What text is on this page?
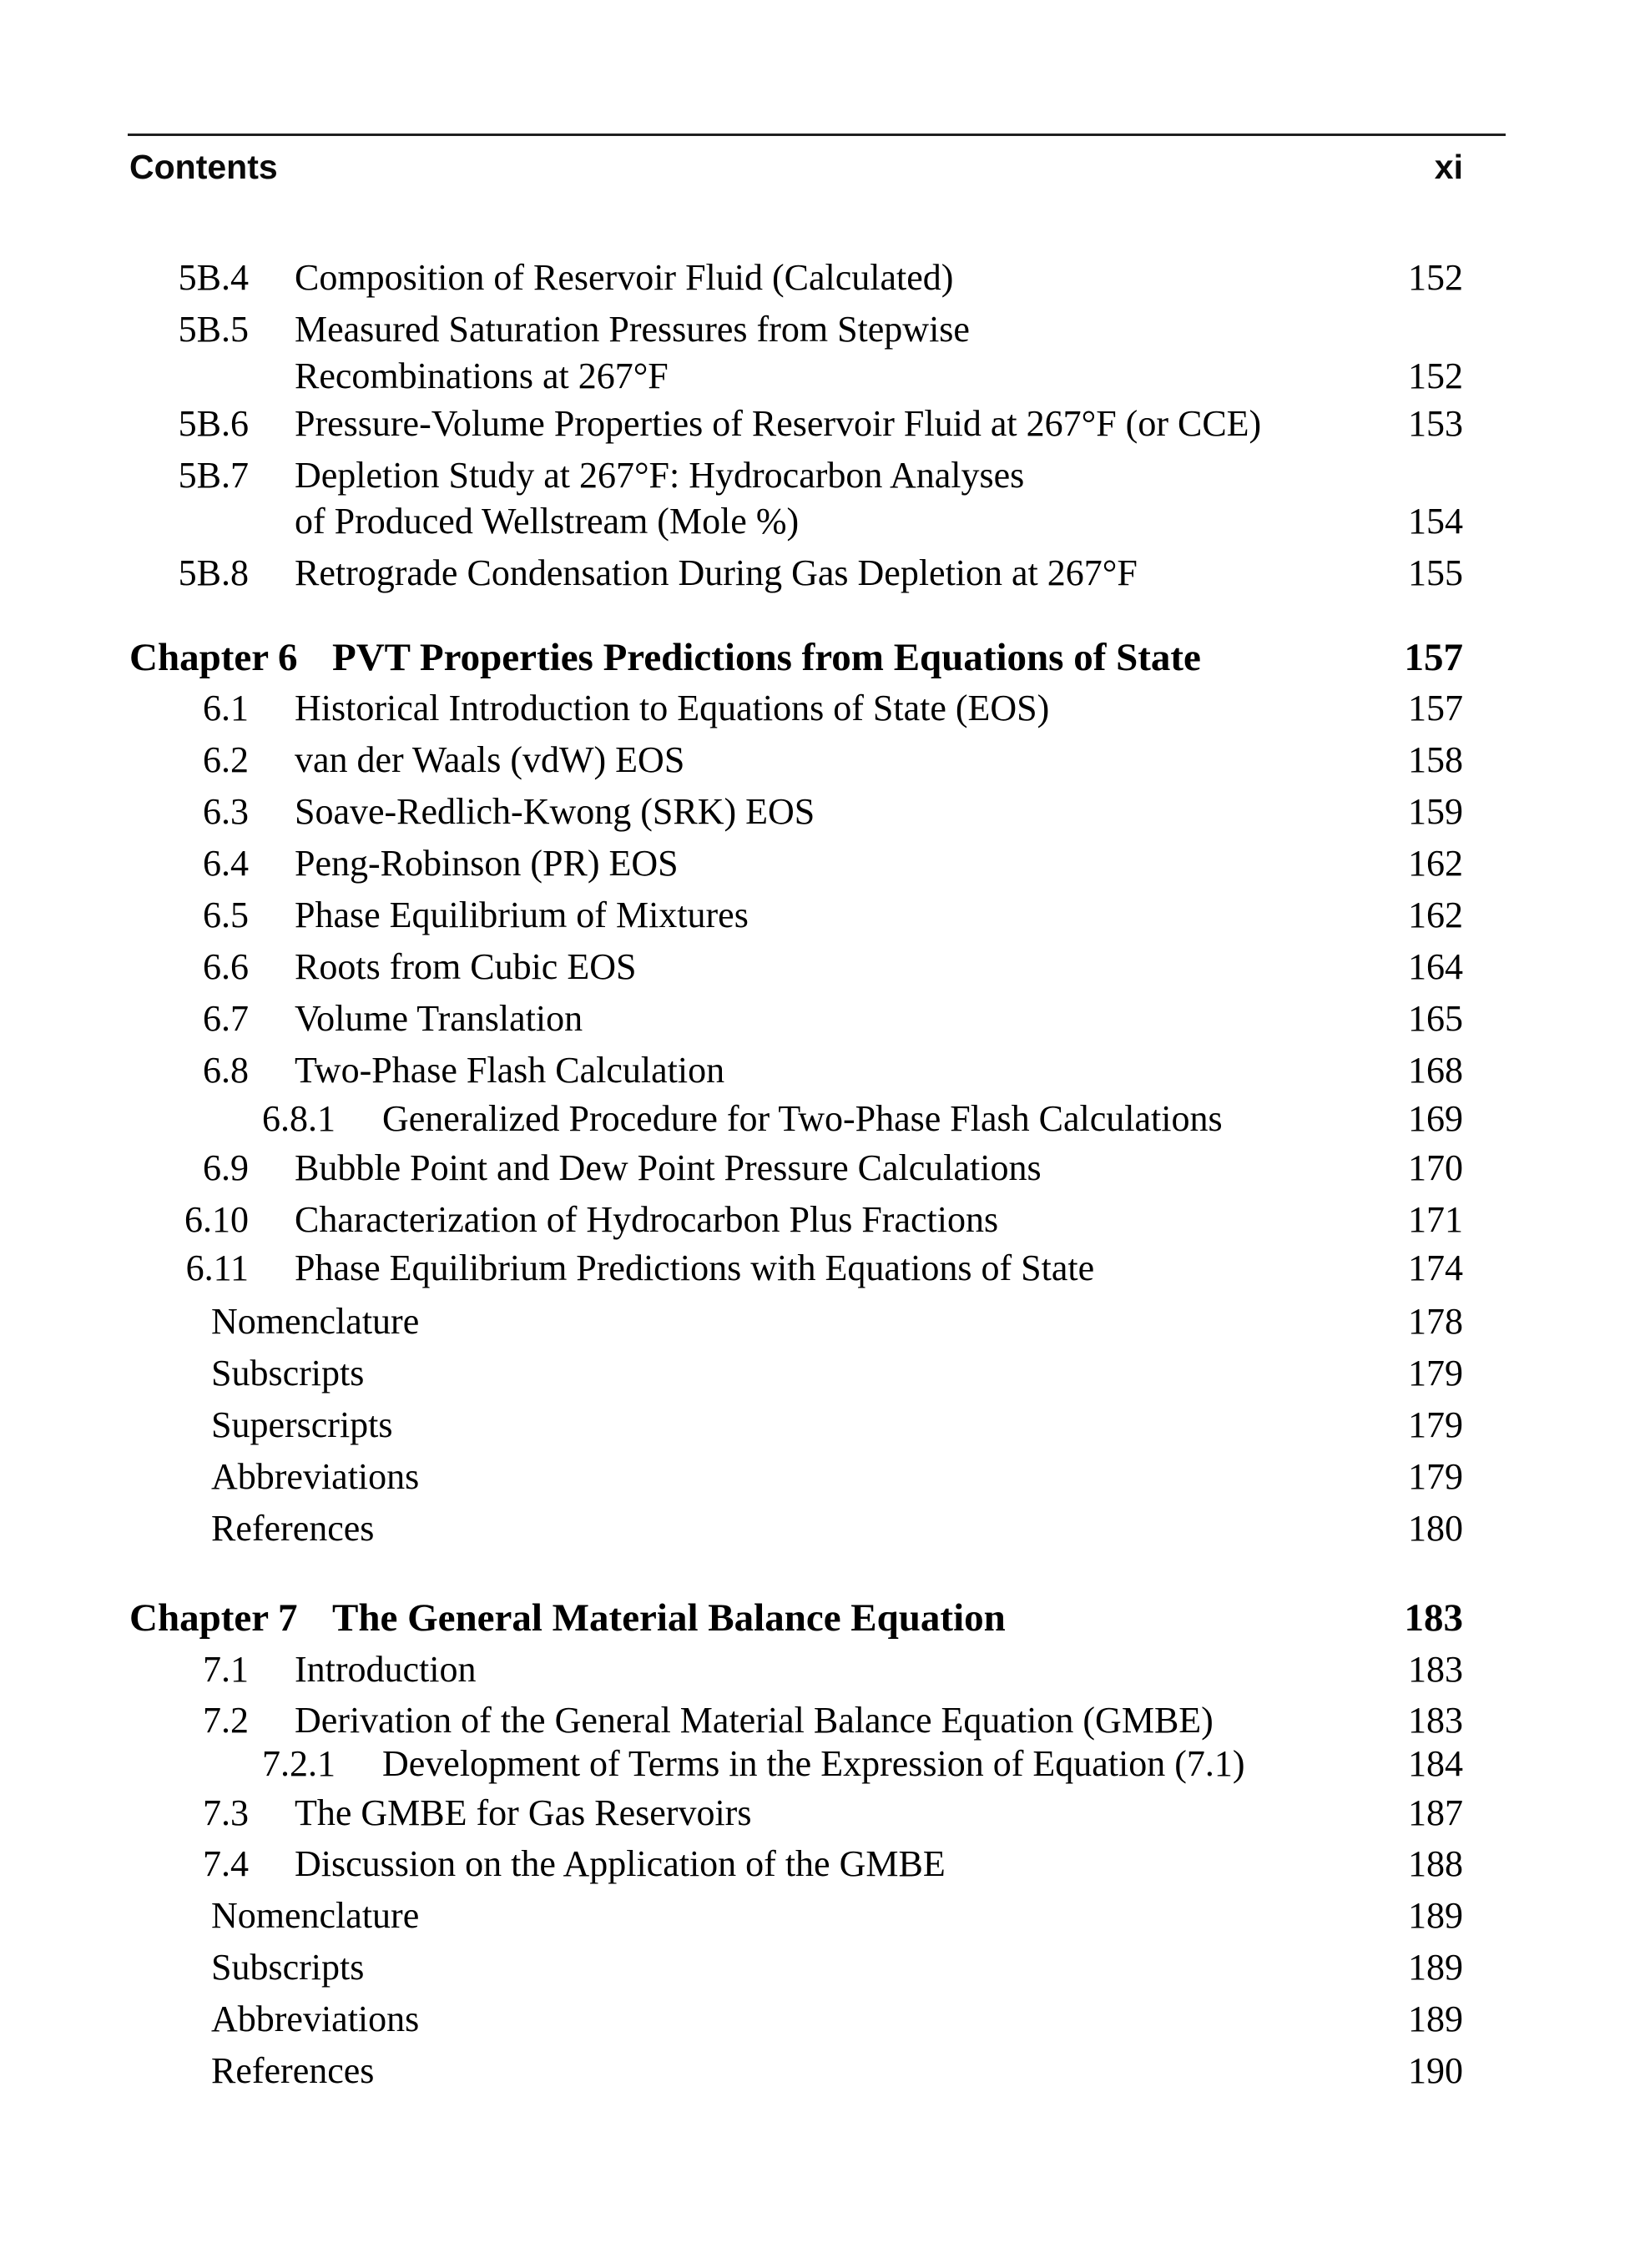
Contents	xi
5B.4 Composition of Reservoir Fluid (Calculated)	152
5B.5 Measured Saturation Pressures from Stepwise
Recombinations at 267°F	152
5B.6 Pressure-Volume Properties of Reservoir Fluid at 267°F (or CCE)	153
5B.7 Depletion Study at 267°F: Hydrocarbon Analyses
of Produced Wellstream (Mole %)	154
5B.8 Retrograde Condensation During Gas Depletion at 267°F	155
Chapter 6 PVT Properties Predictions from Equations of State	157
6.1 Historical Introduction to Equations of State (EOS)	157
6.2 van der Waals (vdW) EOS	158
6.3 Soave-Redlich-Kwong (SRK) EOS	159
6.4 Peng-Robinson (PR) EOS	162
6.5 Phase Equilibrium of Mixtures	162
6.6 Roots from Cubic EOS	164
6.7 Volume Translation	165
6.8 Two-Phase Flash Calculation	168
6.8.1 Generalized Procedure for Two-Phase Flash Calculations	169
6.9 Bubble Point and Dew Point Pressure Calculations	170
6.10 Characterization of Hydrocarbon Plus Fractions	171
6.11 Phase Equilibrium Predictions with Equations of State	174
Nomenclature	178
Subscripts	179
Superscripts	179
Abbreviations	179
References	180
Chapter 7 The General Material Balance Equation	183
7.1 Introduction	183
7.2 Derivation of the General Material Balance Equation (GMBE)	183
7.2.1 Development of Terms in the Expression of Equation (7.1)	184
7.3 The GMBE for Gas Reservoirs	187
7.4 Discussion on the Application of the GMBE	188
Nomenclature	189
Subscripts	189
Abbreviations	189
References	190
